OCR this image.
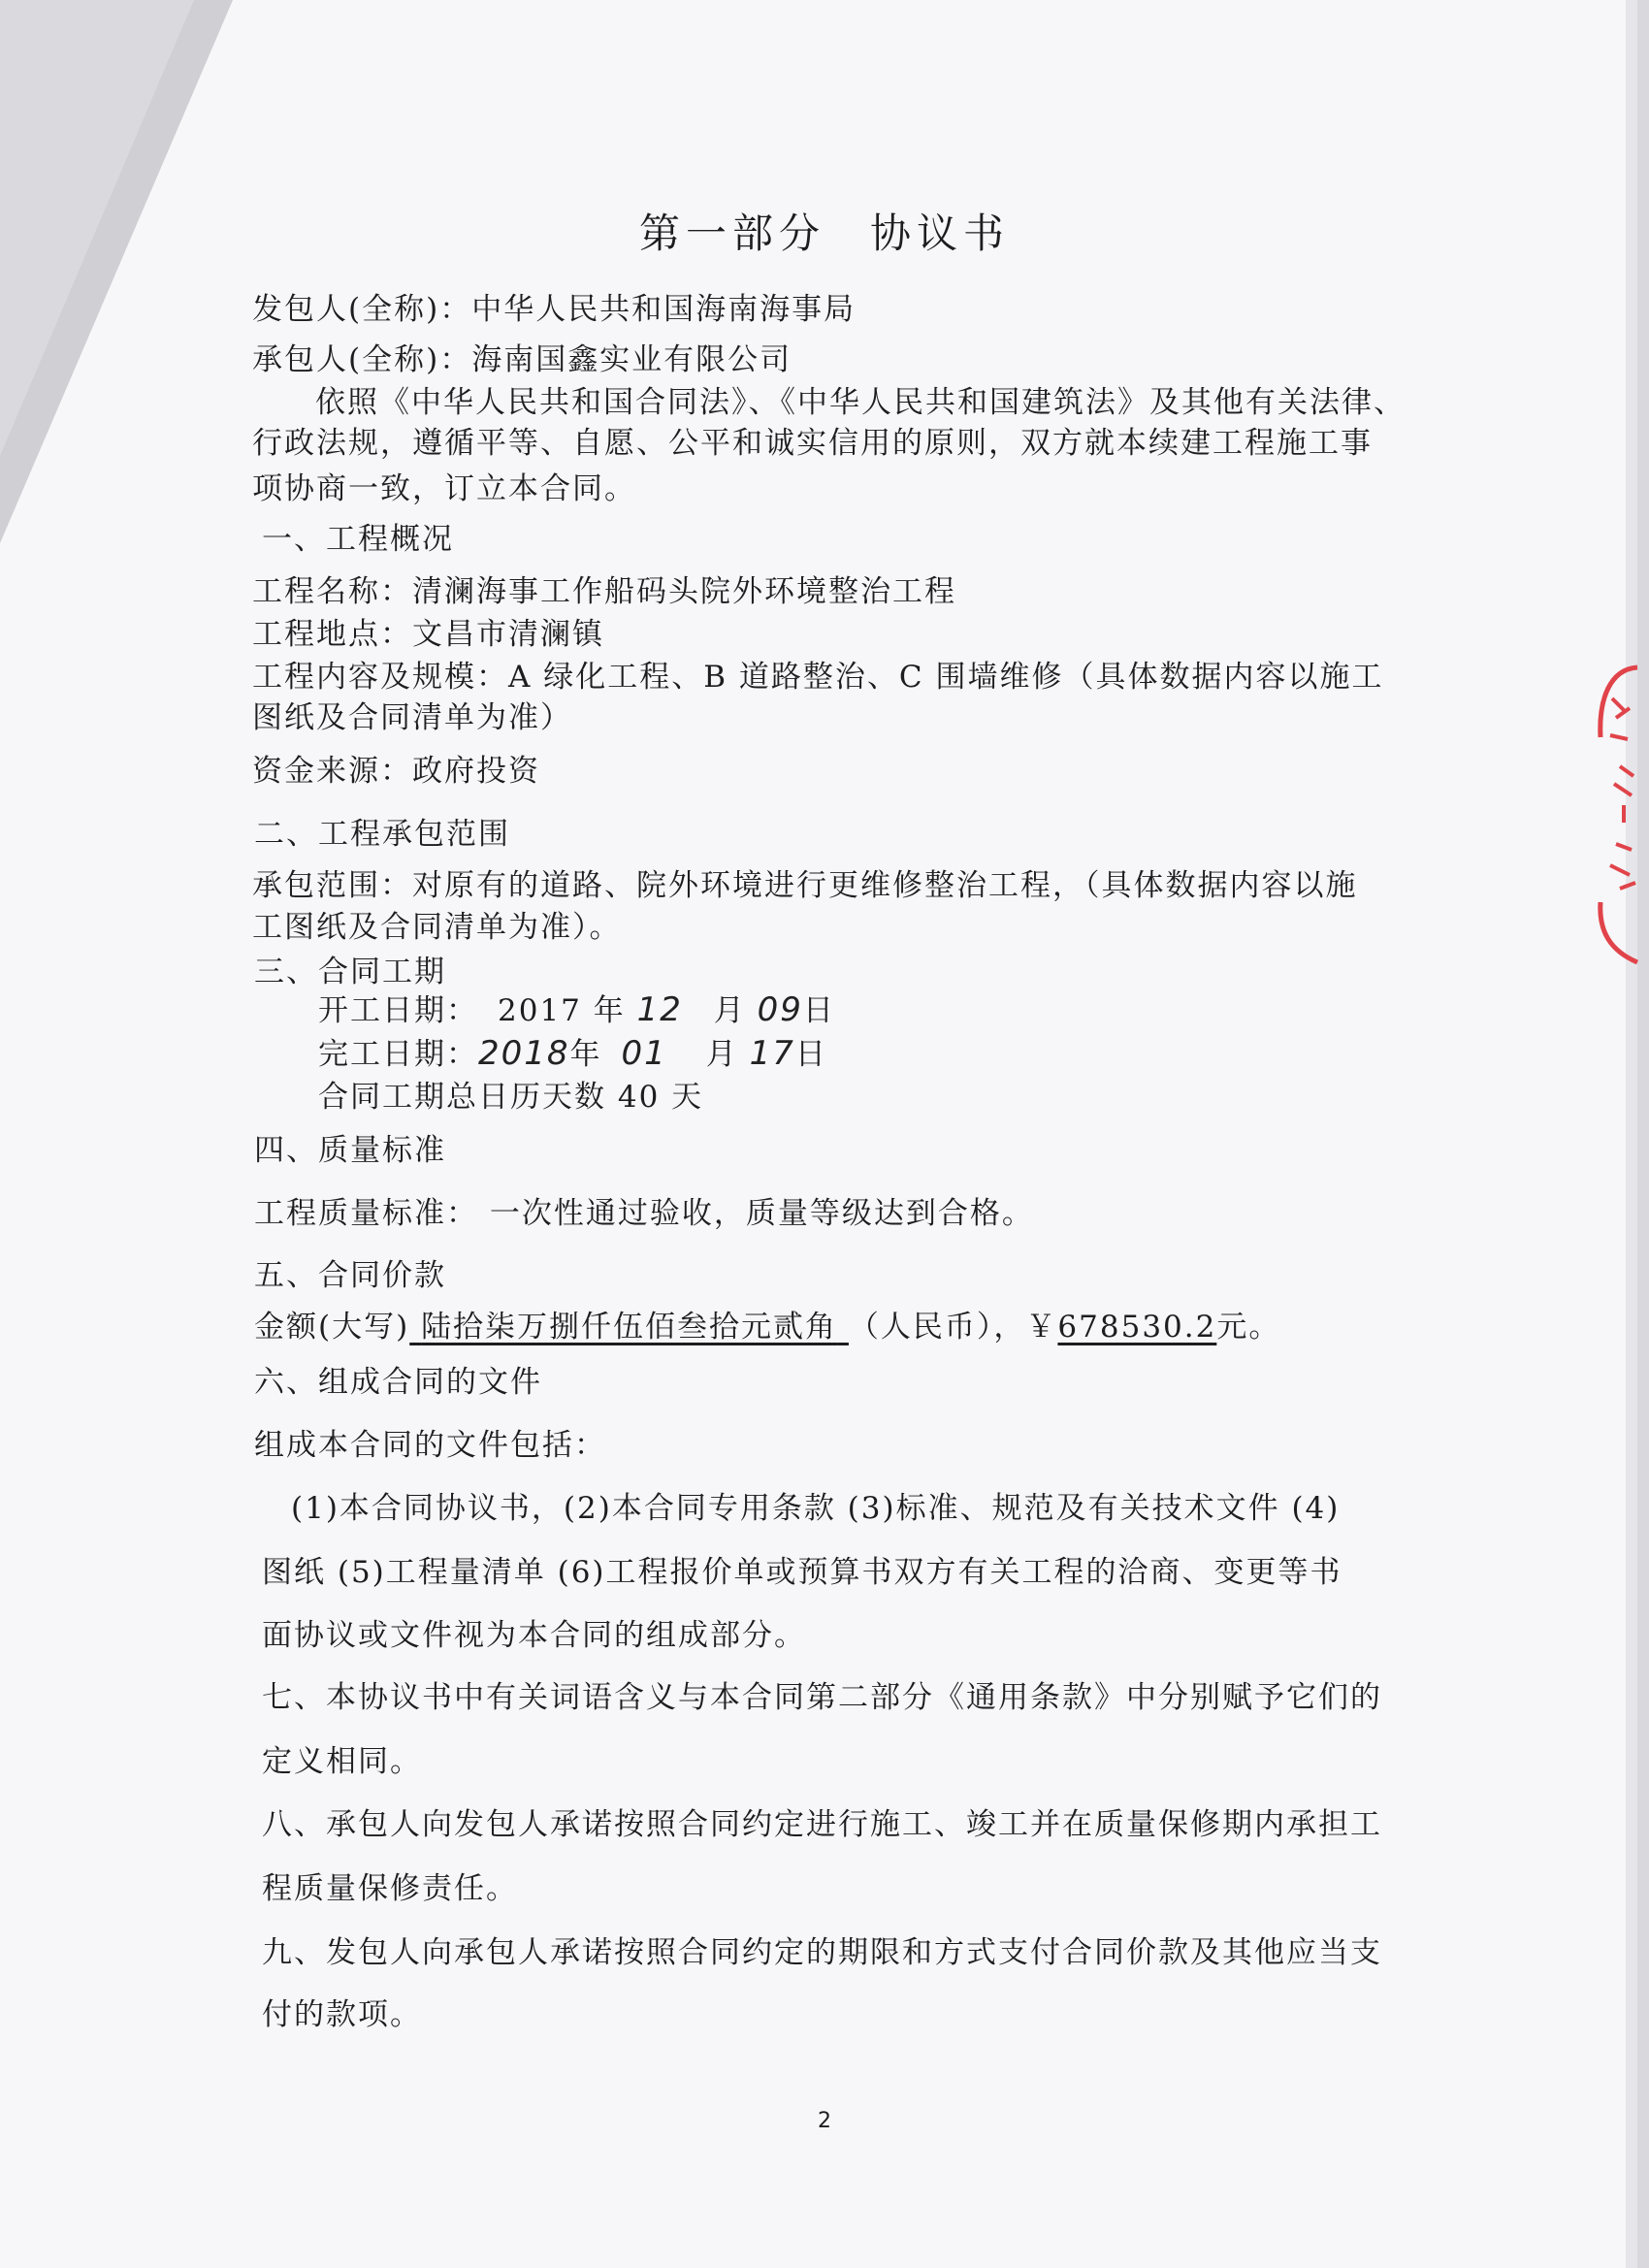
第一部分 协议书
发包人(全称)：中华人民共和国海南海事局
承包人(全称)：海南国鑫实业有限公司
依照《中华人民共和国合同法》、《中华人民共和国建筑法》及其他有关法律、
行政法规，遵循平等、自愿、公平和诚实信用的原则，双方就本续建工程施工事
项协商一致，订立本合同。
一、工程概况
工程名称：清澜海事工作船码头院外环境整治工程
工程地点：文昌市清澜镇
工程内容及规模：A 绿化工程、B 道路整治、C 围墙维修（具体数据内容以施工
图纸及合同清单为准）
资金来源：政府投资
二、工程承包范围
承包范围：对原有的道路、院外环境进行更维修整治工程，（具体数据内容以施
工图纸及合同清单为准）。
三、合同工期
开工日期： 2017 年 12 月 09日
完工日期：2018年 01 月 17日
合同工期总日历天数 40 天
四、质量标准
工程质量标准： 一次性通过验收，质量等级达到合格。
五、合同价款
金额(大写) 陆拾柒万捌仟伍佰叁拾元贰角 （人民币），￥678530.2元。
六、组成合同的文件
组成本合同的文件包括：
(1)本合同协议书，(2)本合同专用条款 (3)标准、规范及有关技术文件 (4)
图纸 (5)工程量清单 (6)工程报价单或预算书双方有关工程的洽商、变更等书
面协议或文件视为本合同的组成部分。
七、本协议书中有关词语含义与本合同第二部分《通用条款》中分别赋予它们的
定义相同。
八、承包人向发包人承诺按照合同约定进行施工、竣工并在质量保修期内承担工
程质量保修责任。
九、发包人向承包人承诺按照合同约定的期限和方式支付合同价款及其他应当支
付的款项。
2
